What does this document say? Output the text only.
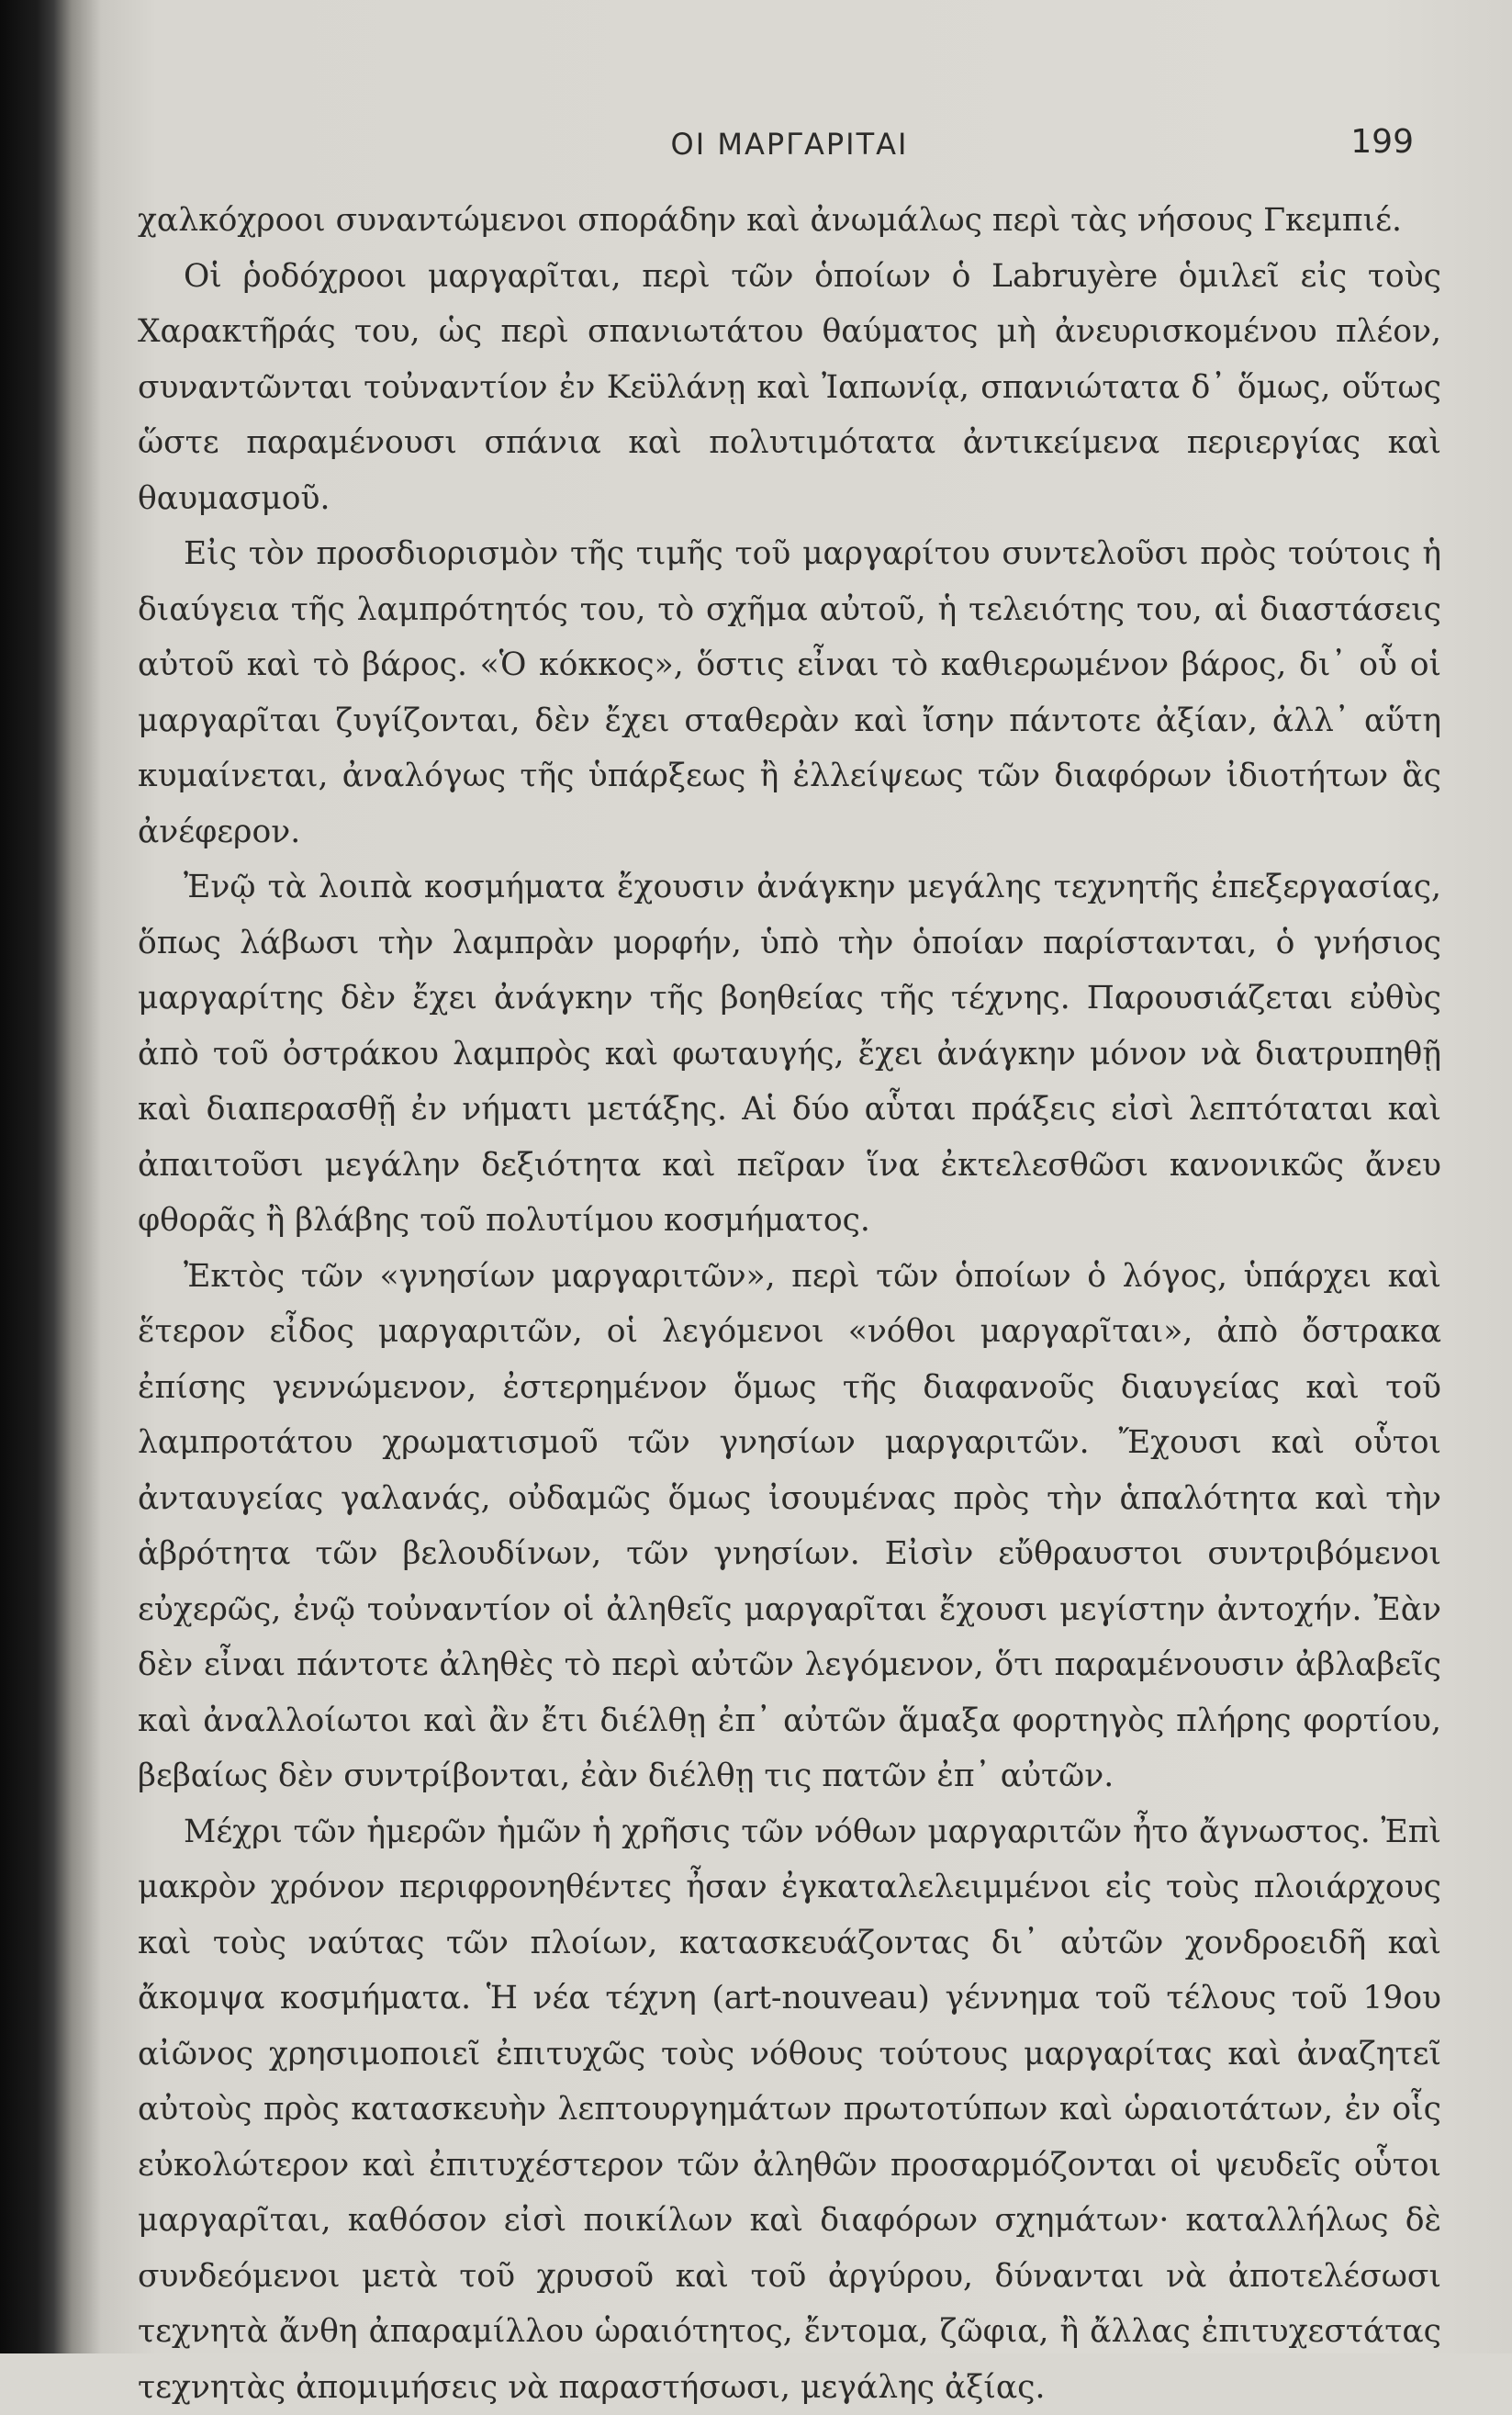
ΟΙ ΜΑΡΓΑΡΙΤΑΙ	199

χαλκόχροοι συναντώμενοι σποράδην καὶ ἀνωμάλως περὶ τὰς νήσους Γκεμπιέ.

Οἱ ῥοδόχροοι μαργαρῖται, περὶ τῶν ὁποίων ὁ Labruyère ὁμιλεῖ εἰς τοὺς Χαρακτῆράς του, ὡς περὶ σπανιωτάτου θαύματος μὴ ἀνευρισκομένου πλέον, συναντῶνται τοὐναντίον ἐν Κεϋλάνῃ καὶ Ἰαπωνίᾳ, σπανιώτατα δ᾽ ὅμως, οὕτως ὥστε παραμένουσι σπάνια καὶ πολυτιμότατα ἀντικείμενα περιεργίας καὶ θαυμασμοῦ.

Εἰς τὸν προσδιορισμὸν τῆς τιμῆς τοῦ μαργαρίτου συντελοῦσι πρὸς τούτοις ἡ διαύγεια τῆς λαμπρότητός του, τὸ σχῆμα αὐτοῦ, ἡ τελειότης του, αἱ διαστάσεις αὐτοῦ καὶ τὸ βάρος. «Ὁ κόκκος», ὅστις εἶναι τὸ καθιερωμένον βάρος, δι᾽ οὗ οἱ μαργαρῖται ζυγίζονται, δὲν ἔχει σταθερὰν καὶ ἴσην πάντοτε ἀξίαν, ἀλλ᾽ αὕτη κυμαίνεται, ἀναλόγως τῆς ὑπάρξεως ἢ ἐλλείψεως τῶν διαφόρων ἰδιοτήτων ἃς ἀνέφερον.

Ἐνῷ τὰ λοιπὰ κοσμήματα ἔχουσιν ἀνάγκην μεγάλης τεχνητῆς ἐπεξεργασίας, ὅπως λάβωσι τὴν λαμπρὰν μορφήν, ὑπὸ τὴν ὁποίαν παρίστανται, ὁ γνήσιος μαργαρίτης δὲν ἔχει ἀνάγκην τῆς βοηθείας τῆς τέχνης. Παρουσιάζεται εὐθὺς ἀπὸ τοῦ ὀστράκου λαμπρὸς καὶ φωταυγής, ἔχει ἀνάγκην μόνον νὰ διατρυπηθῇ καὶ διαπερασθῇ ἐν νήματι μετάξης. Αἱ δύο αὗται πράξεις εἰσὶ λεπτόταται καὶ ἀπαιτοῦσι μεγάλην δεξιότητα καὶ πεῖραν ἵνα ἐκτελεσθῶσι κανονικῶς ἄνευ φθορᾶς ἢ βλάβης τοῦ πολυτίμου κοσμήματος.

Ἐκτὸς τῶν «γνησίων μαργαριτῶν», περὶ τῶν ὁποίων ὁ λόγος, ὑπάρχει καὶ ἕτερον εἶδος μαργαριτῶν, οἱ λεγόμενοι «νόθοι μαργαρῖται», ἀπὸ ὄστρακα ἐπίσης γεννώμενον, ἐστερημένον ὅμως τῆς διαφανοῦς διαυγείας καὶ τοῦ λαμπροτάτου χρωματισμοῦ τῶν γνησίων μαργαριτῶν. Ἔχουσι καὶ οὗτοι ἀνταυγείας γαλανάς, οὐδαμῶς ὅμως ἰσουμένας πρὸς τὴν ἁπαλότητα καὶ τὴν ἁβρότητα τῶν βελουδίνων, τῶν γνησίων. Εἰσὶν εὔθραυστοι συντριβόμενοι εὐχερῶς, ἐνῷ τοὐναντίον οἱ ἀληθεῖς μαργαρῖται ἔχουσι μεγίστην ἀντοχήν. Ἐὰν δὲν εἶναι πάντοτε ἀληθὲς τὸ περὶ αὐτῶν λεγόμενον, ὅτι παραμένουσιν ἀβλαβεῖς καὶ ἀναλλοίωτοι καὶ ἂν ἔτι διέλθῃ ἐπ᾽ αὐτῶν ἅμαξα φορτηγὸς πλήρης φορτίου, βεβαίως δὲν συντρίβονται, ἐὰν διέλθῃ τις πατῶν ἐπ᾽ αὐτῶν.

Μέχρι τῶν ἡμερῶν ἡμῶν ἡ χρῆσις τῶν νόθων μαργαριτῶν ἦτο ἄγνωστος. Ἐπὶ μακρὸν χρόνον περιφρονηθέντες ἦσαν ἐγκαταλελειμμένοι εἰς τοὺς πλοιάρχους καὶ τοὺς ναύτας τῶν πλοίων, κατασκευάζοντας δι᾽ αὐτῶν χονδροειδῆ καὶ ἄκομψα κοσμήματα. Ἡ νέα τέχνη (art-nouveau) γέννημα τοῦ τέλους τοῦ 19ου αἰῶνος χρησιμοποιεῖ ἐπιτυχῶς τοὺς νόθους τούτους μαργαρίτας καὶ ἀναζητεῖ αὐτοὺς πρὸς κατασκευὴν λεπτουργημάτων πρωτοτύπων καὶ ὡραιοτάτων, ἐν οἷς εὐκολώτερον καὶ ἐπιτυχέστερον τῶν ἀληθῶν προσαρμόζονται οἱ ψευδεῖς οὗτοι μαργαρῖται, καθόσον εἰσὶ ποικίλων καὶ διαφόρων σχημάτων· καταλλήλως δὲ συνδεόμενοι μετὰ τοῦ χρυσοῦ καὶ τοῦ ἀργύρου, δύνανται νὰ ἀποτελέσωσι τεχνητὰ ἄνθη ἀπαραμίλλου ὡραιότητος, ἔντομα, ζῶφια, ἢ ἄλλας ἐπιτυχεστάτας τεχνητὰς ἀπομιμήσεις νὰ παραστήσωσι, μεγάλης ἀξίας.
